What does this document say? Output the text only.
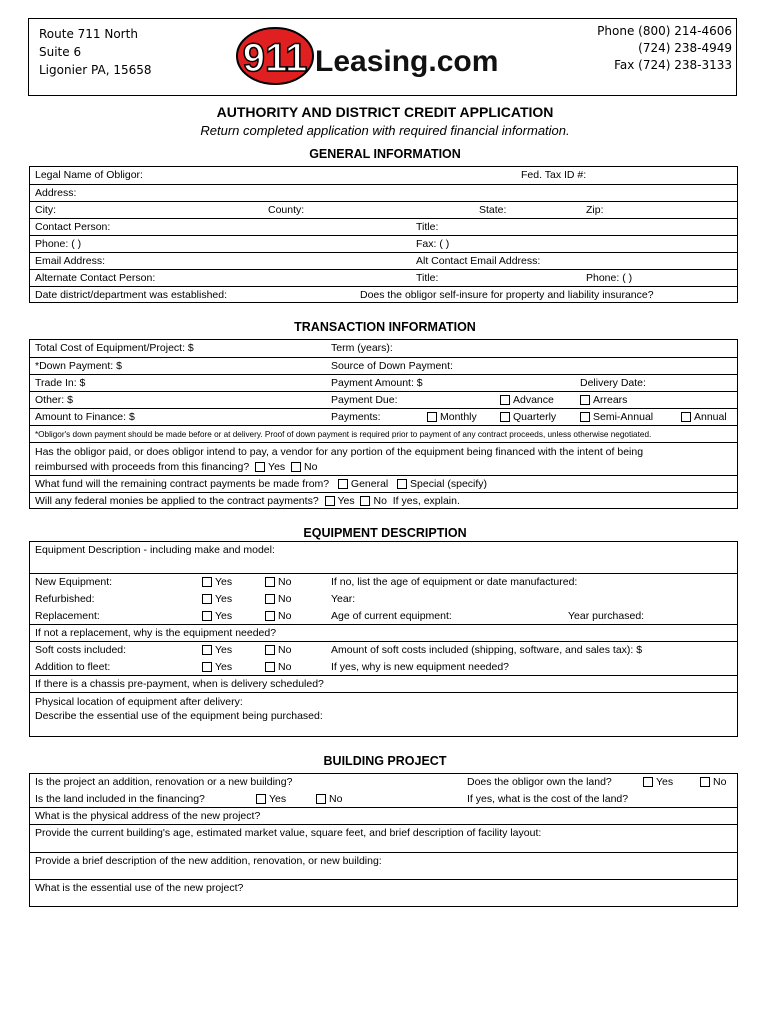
Route 711 North
Suite 6
Ligonier PA, 15658 911 Leasing.com
Phone (800) 214-4606
(724) 238-4949
Fax (724) 238-3133
AUTHORITY AND DISTRICT CREDIT APPLICATION
Return completed application with required financial information.
GENERAL INFORMATION
Legal Name of Obligor:	Fed. Tax ID #:
Address:
City:	County:	State:	Zip:
Contact Person:	Title:
Phone: ( )	Fax: ( )
Email Address:	Alt Contact Email Address:
Alternate Contact Person:	Title:	Phone: ( )
Date district/department was established:	Does the obligor self-insure for property and liability insurance?
TRANSACTION INFORMATION
Total Cost of Equipment/Project: $	Term (years):
*Down Payment: $	Source of Down Payment:
Trade In: $	Payment Amount: $	Delivery Date:
Other: $	Payment Due:	Advance	Arrears
Amount to Finance: $	Payments:	Monthly	Quarterly	Semi-Annual	Annual
*Obligor's down payment should be made before or at delivery. Proof of down payment is required prior to payment of any contract proceeds, unless otherwise negotiated.
Has the obligor paid, or does obligor intend to pay, a vendor for any portion of the equipment being financed with the intent of being
reimbursed with proceeds from this financing? Yes No
What fund will the remaining contract payments be made from? General Special (specify)
Will any federal monies be applied to the contract payments? Yes No If yes, explain.
EQUIPMENT DESCRIPTION
Equipment Description - including make and model:
New Equipment:	Yes	No	If no, list the age of equipment or date manufactured:
Refurbished:	Yes	No	Year:
Replacement:	Yes	No	Age of current equipment:	Year purchased:
If not a replacement, why is the equipment needed?
Soft costs included:	Yes	No	Amount of soft costs included (shipping, software, and sales tax): $
Addition to fleet:	Yes	No	If yes, why is new equipment needed?
If there is a chassis pre-payment, when is delivery scheduled?
Physical location of equipment after delivery:
Describe the essential use of the equipment being purchased:
BUILDING PROJECT
Is the project an addition, renovation or a new building?	Does the obligor own the land?	Yes	No
Is the land included in the financing?	Yes	No	If yes, what is the cost of the land?
What is the physical address of the new project?
Provide the current building's age, estimated market value, square feet, and brief description of facility layout:
Provide a brief description of the new addition, renovation, or new building:
What is the essential use of the new project?
